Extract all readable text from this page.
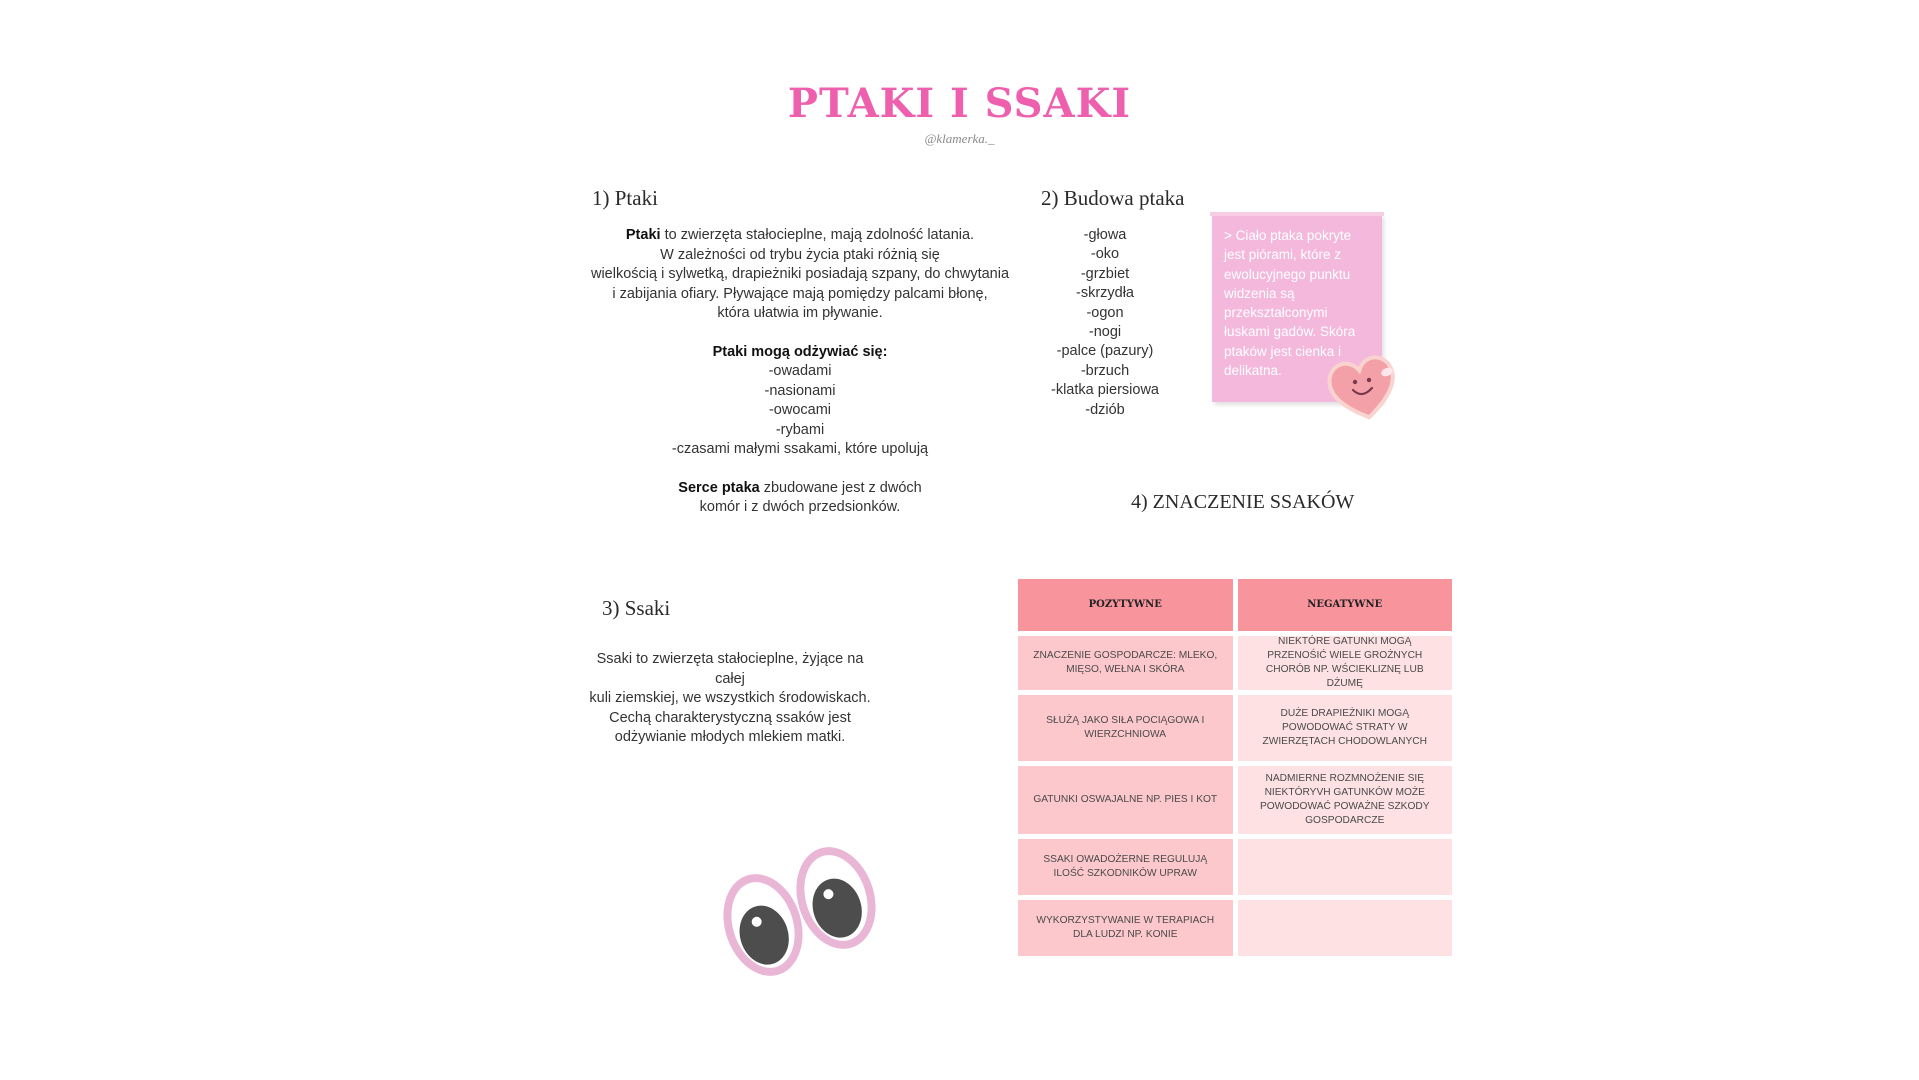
PTAKI I SSAKI
@klamerka._
1) Ptaki

Ptaki to zwierzęta stałocieplne, mają zdolność latania.

W zależności od trybu życia ptaki różnią się

wielkością i sylwetką, drapieżniki posiadają szpany, do chwytania

i zabijania ofiary. Pływające mają pomiędzy palcami błonę,

która ułatwia im pływanie.

Ptaki mogą odżywiać się:

-owadami

-nasionami

-owocami

-rybami

-czasami małymi ssakami, które upolują

Serce ptaka zbudowane jest z dwóch

komór i z dwóch przedsionków.

2) Budowa ptaka
-głowa
-oko
-grzbiet
-skrzydła
-ogon
-nogi
-palce (pazury)
-brzuch
-klatka piersiowa
-dziób
> Ciało ptaka pokryte jest piórami, które z ewolucyjnego punktu widzenia są przekształconymi łuskami gadów. Skóra ptaków jest cienka i delikatna.
3) Ssaki

Ssaki to zwierzęta stałocieplne, żyjące na całej

kuli ziemskiej, we wszystkich środowiskach.

Cechą charakterystyczną ssaków jest

odżywianie młodych mlekiem matki.

4) ZNACZENIE SSAKÓW
POZYTYWNE	NEGATYWNE
ZNACZENIE GOSPODARCZE: MLEKO, MIĘSO, WEŁNA I SKÓRA
NIEKTÓRE GATUNKI MOGĄ PRZENOŚIĆ WIELE GROŻNYCH CHORÓB NP. WŚCIEKLIZNĘ LUB DŻUMĘ
SŁUŻĄ JAKO SIŁA POCIĄGOWA I WIERZCHNIOWA
DUŻE DRAPIEŻNIKI MOGĄ POWODOWAĆ STRATY W ZWIERZĘTACH CHODOWLANYCH
GATUNKI OSWAJALNE NP. PIES I KOT
NADMIERNE ROZMNOŻENIE SIĘ NIEKTÓRYVH GATUNKÓW MOŻE POWODOWAĆ POWAŻNE SZKODY GOSPODARCZE
SSAKI OWADOŻERNE REGULUJĄ ILOŚĆ SZKODNIKÓW UPRAW
WYKORZYSTYWANIE W TERAPIACH DLA LUDZI NP. KONIE
